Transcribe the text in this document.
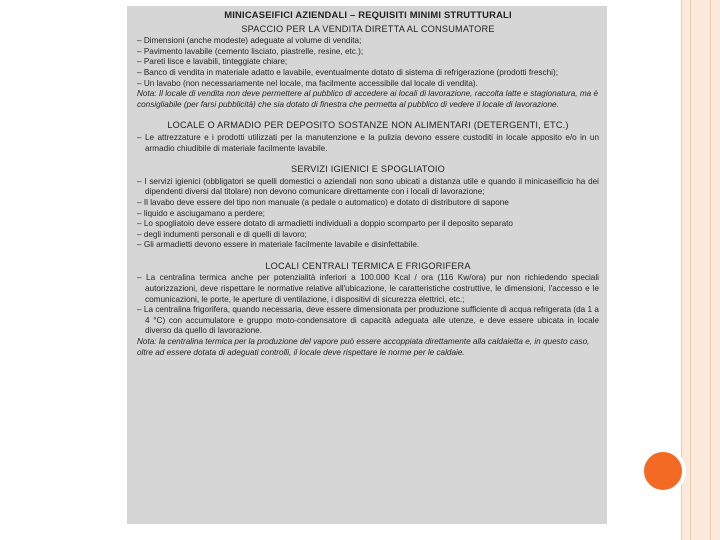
MINICASEIFICI AZIENDALI – REQUISITI MINIMI STRUTTURALI
SPACCIO PER LA VENDITA DIRETTA AL CONSUMATORE
– Dimensioni (anche modeste) adeguate al volume di vendita;
– Pavimento lavabile (cemento lisciato, piastrelle, resine, etc.);
– Pareti lisce e lavabili, tinteggiate chiare;
– Banco di vendita in materiale adatto e lavabile, eventualmente dotato di sistema di refrigerazione (prodotti freschi);
– Un lavabo (non necessariamente nel locale, ma facilmente accessibile dal locale di vendita).
Nota: Il locale di vendita non deve permettere al pubblico di accedere ai locali di lavorazione, raccolta latte e stagionatura, ma è consigliabile (per farsi pubblicità) che sia dotato di finestra che permetta al pubblico di vedere il locale di lavorazione.
LOCALE O ARMADIO PER DEPOSITO SOSTANZE NON ALIMENTARI (DETERGENTI, ETC.)
– Le attrezzature e i prodotti utilizzati per la manutenzione e la pulizia devono essere custoditi in locale apposito e/o in un armadio chiudibile di materiale facilmente lavabile.
SERVIZI IGIENICI E SPOGLIATOIO
– I servizi igienici (obbligatori se quelli domestici o aziendali non sono ubicati a distanza utile e quando il minicaseificio ha dei dipendenti diversi dal titolare) non devono comunicare direttamente con i locali di lavorazione;
– Il lavabo deve essere del tipo non manuale (a pedale o automatico) e dotato di distributore di sapone
– liquido e asciugamano a perdere;
– Lo spogliatoio deve essere dotato di armadietti individuali a doppio scomparto per il deposito separato
– degli indumenti personali e di quelli di lavoro;
– Gli armadietti devono essere in materiale facilmente lavabile e disinfettabile.
LOCALI CENTRALI TERMICA E FRIGORIFERA
– La centralina termica anche per potenzialità inferiori a 100.000 Kcal / ora (116 Kw/ora) pur non richiedendo speciali autorizzazioni, deve rispettare le normative relative all'ubicazione, le caratteristiche costruttive, le dimensioni, l'accesso e le comunicazioni, le porte, le aperture di ventilazione, i dispositivi di sicurezza elettrici, etc.;
– La centralina frigorifera, quando necessaria, deve essere dimensionata per produzione sufficiente di acqua refrigerata (da 1 a 4 °C) con accumulatore e gruppo moto-condensatore di capacità adeguata alle utenze, e deve essere ubicata in locale diverso da quello di lavorazione.
Nota: la centralina termica per la produzione del vapore può essere accoppiata direttamente alla caldaietta e, in questo caso, oltre ad essere dotata di adeguati controlli, il locale deve rispettare le norme per le caldaie.
